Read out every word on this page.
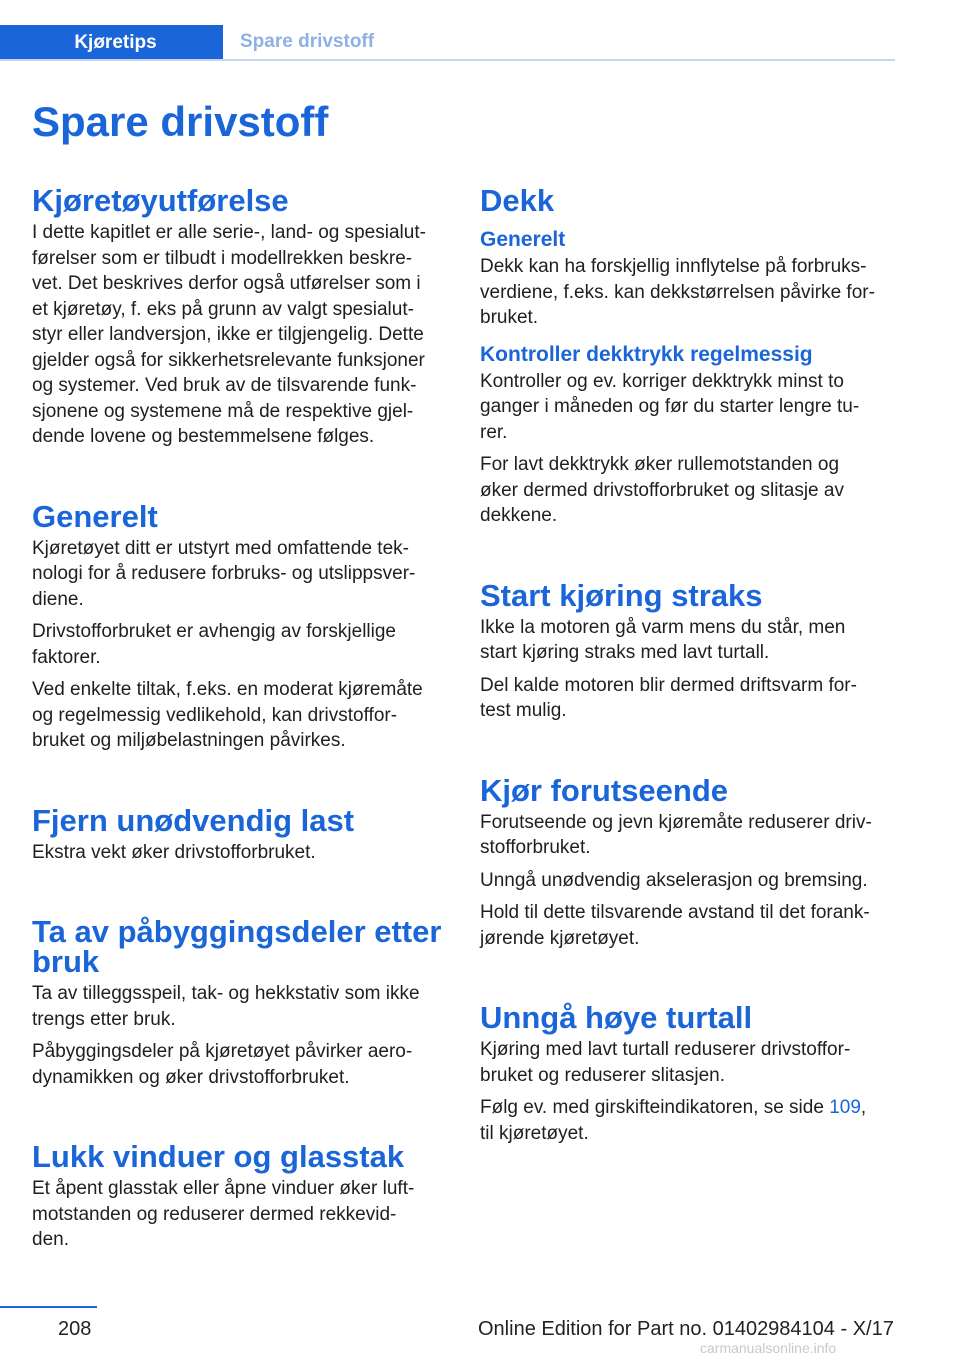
Kjøretips	Spare drivstoff
Spare drivstoff
Kjøretøyutførelse

I dette kapitlet er alle serie-, land- og spesialut‐
førelser som er tilbudt i modellrekken beskre‐
vet. Det beskrives derfor også utførelser som i
et kjøretøy, f. eks på grunn av valgt spesialut‐
styr eller landversjon, ikke er tilgjengelig. Dette
gjelder også for sikkerhetsrelevante funksjoner
og systemer. Ved bruk av de tilsvarende funk‐
sjonene og systemene må de respektive gjel‐
dende lovene og bestemmelsene følges.

Generelt

Kjøretøyet ditt er utstyrt med omfattende tek‐
nologi for å redusere forbruks- og utslippsver‐
diene.

Drivstofforbruket er avhengig av forskjellige
faktorer.

Ved enkelte tiltak, f.eks. en moderat kjøremåte
og regelmessig vedlikehold, kan drivstoffor‐
bruket og miljøbelastningen påvirkes.

Fjern unødvendig last

Ekstra vekt øker drivstofforbruket.

Ta av påbyggingsdeler etter
bruk

Ta av tilleggsspeil, tak- og hekkstativ som ikke
trengs etter bruk.

Påbyggingsdeler på kjøretøyet påvirker aero‐
dynamikken og øker drivstofforbruket.

Lukk vinduer og glasstak

Et åpent glasstak eller åpne vinduer øker luft‐
motstanden og reduserer dermed rekkevid‐
den.

Dekk
Generelt

Dekk kan ha forskjellig innflytelse på forbruks‐
verdiene, f.eks. kan dekkstørrelsen påvirke for‐
bruket.

Kontroller dekktrykk regelmessig

Kontroller og ev. korriger dekktrykk minst to
ganger i måneden og før du starter lengre tu‐
rer.

For lavt dekktrykk øker rullemotstanden og
øker dermed drivstofforbruket og slitasje av
dekkene.

Start kjøring straks

Ikke la motoren gå varm mens du står, men
start kjøring straks med lavt turtall.

Del kalde motoren blir dermed driftsvarm for‐
test mulig.

Kjør forutseende

Forutseende og jevn kjøremåte reduserer driv‐
stofforbruket.

Unngå unødvendig akselerasjon og bremsing.

Hold til dette tilsvarende avstand til det forank‐
jørende kjøretøyet.

Unngå høye turtall

Kjøring med lavt turtall reduserer drivstoffor‐
bruket og reduserer slitasjen.

Følg ev. med girskifteindikatoren, se side 109,
til kjøretøyet.

208	Online Edition for Part no. 01402984104 - X/17
carmanualsonline.info
